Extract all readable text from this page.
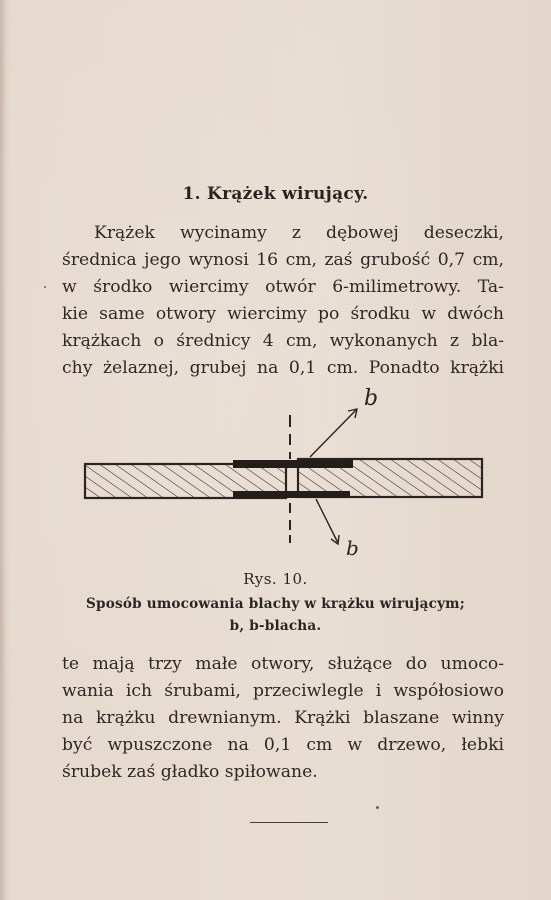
1. Krążek wirujący.
Krążek wycinamy z dębowej deseczki,
średnica jego wynosi 16 cm, zaś grubość 0,7 cm,
w środko wiercimy otwór 6-milimetrowy. Ta-
kie same otwory wiercimy po środku w dwóch
krążkach o średnicy 4 cm, wykonanych z bla-
chy żelaznej, grubej na 0,1 cm. Ponadto krążki
b
b
Rys. 10.
Sposób umocowania blachy w krążku wirującym;
b, b-blacha.
te mają trzy małe otwory, służące do umoco-
wania ich śrubami, przeciwlegle i współosiowo
na krążku drewnianym. Krążki blaszane winny
być wpuszczone na 0,1 cm w drzewo, łebki
śrubek zaś gładko spiłowane.
